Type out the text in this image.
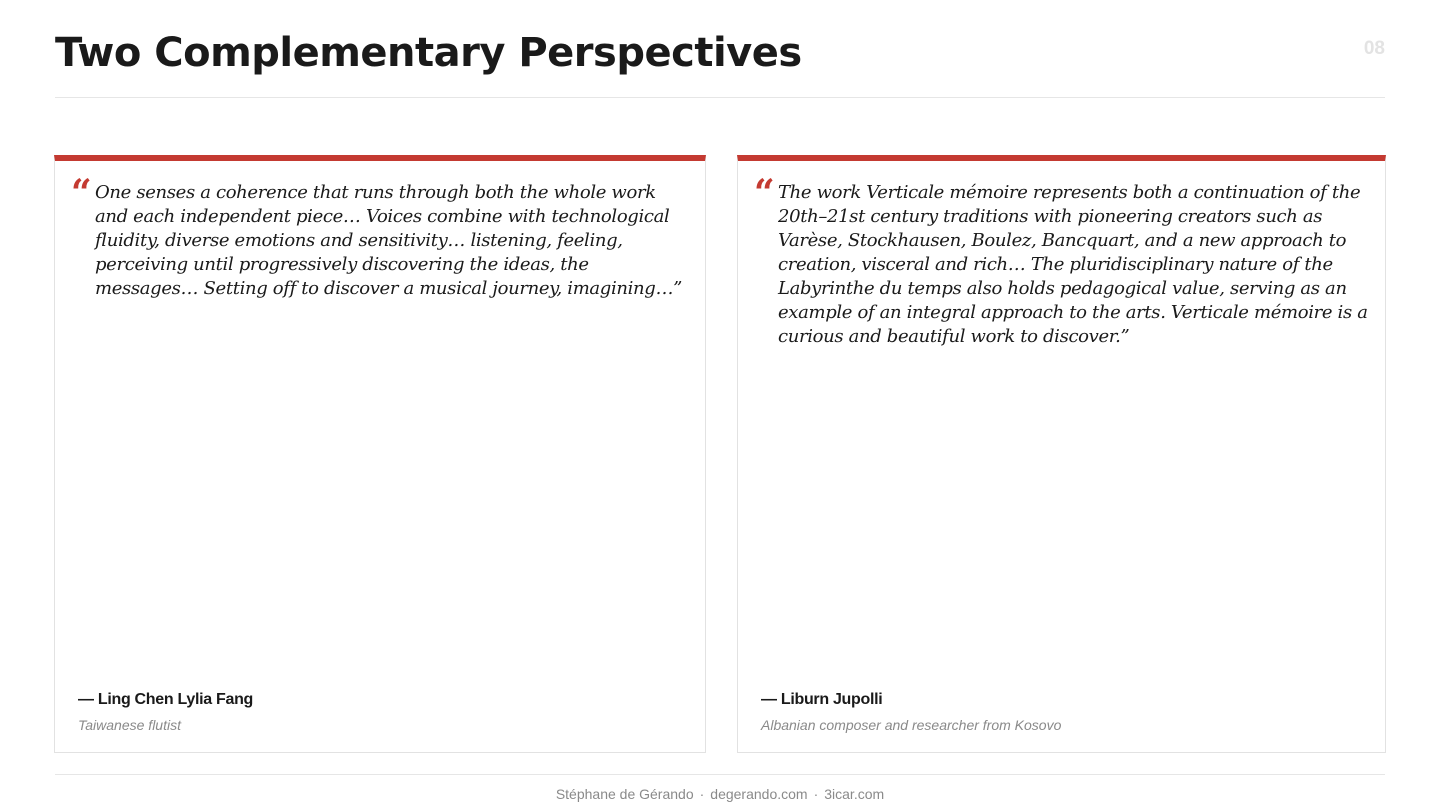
Two Complementary Perspectives	08
“ One senses a coherence that runs through both the whole work and each independent piece… Voices combine with technological fluidity, diverse emotions and sensitivity… listening, feeling, perceiving until progressively discovering the ideas, the messages… Setting off to discover a musical journey, imagining…”

— Ling Chen Lylia Fang
Taiwanese flutist
“ The work Verticale mémoire represents both a continuation of the 20th–21st century traditions with pioneering creators such as Varèse, Stockhausen, Boulez, Bancquart, and a new approach to creation, visceral and rich… The pluridisciplinary nature of the Labyrinthe du temps also holds pedagogical value, serving as an example of an integral approach to the arts. Verticale mémoire is a curious and beautiful work to discover.”

— Liburn Jupolli
Albanian composer and researcher from Kosovo
Stéphane de Gérando · degerando.com · 3icar.com
